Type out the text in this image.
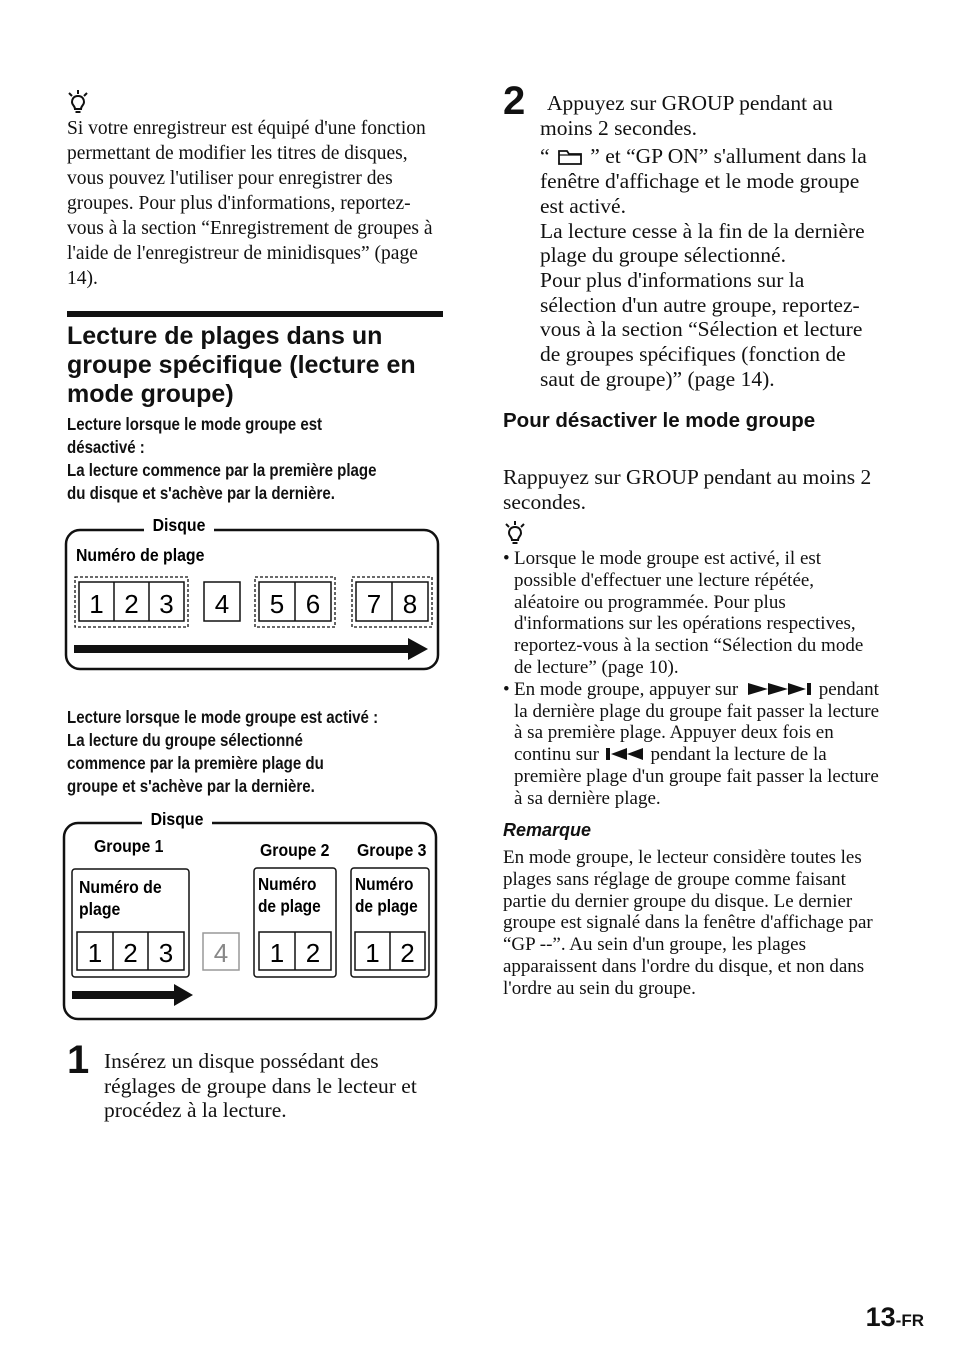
Si votre enregistreur est équipé d'une fonction permettant de modifier les titres de disques, vous pouvez l'utiliser pour enregistrer des groupes. Pour plus d'informations, reportez-vous à la section “Enregistrement de groupes à l'aide de l'enregistreur de minidisques” (page 14).
Lecture de plages dans un groupe spécifique (lecture en mode groupe)
Lecture lorsque le mode groupe est
désactivé :
La lecture commence par la première plage
du disque et s'achève par la dernière.
Disque
Numéro de plage
1 2 3 4 5 6 7 8
Lecture lorsque le mode groupe est activé :
La lecture du groupe sélectionné
commence par la première plage du
groupe et s'achève par la dernière.
Disque
Groupe 1	Groupe 2 Groupe 3
Numéro de
plage
1 2 3 4
Numéro
de plage
1 2
Numéro
de plage
1 2
1 Insérez un disque possédant des réglages de groupe dans le lecteur et procédez à la lecture.
2	Appuyez sur GROUP pendant au moins 2 secondes.
“ ” et “GP ON” s'allument dans la fenêtre d'affichage et le mode groupe est activé.
La lecture cesse à la fin de la dernière plage du groupe sélectionné.
Pour plus d'informations sur la sélection d'un autre groupe, reportez-vous à la section “Sélection et lecture de groupes spécifiques (fonction de saut de groupe)” (page 14).
Pour désactiver le mode groupe
Rappuyez sur GROUP pendant au moins 2 secondes.
• Lorsque le mode groupe est activé, il est possible d'effectuer une lecture répétée, aléatoire ou programmée. Pour plus d'informations sur les opérations respectives, reportez-vous à la section “Sélection du mode de lecture” (page 10).
• En mode groupe, appuyer sur	pendant la dernière plage du groupe fait passer la lecture à sa première plage. Appuyer deux fois en continu sur	pendant la lecture de la première plage d'un groupe fait passer la lecture à sa dernière plage.
Remarque
En mode groupe, le lecteur considère toutes les plages sans réglage de groupe comme faisant partie du dernier groupe du disque. Le dernier groupe est signalé dans la fenêtre d'affichage par “GP --”. Au sein d'un groupe, les plages apparaissent dans l'ordre du disque, et non dans l'ordre au sein du groupe.
13-FR
